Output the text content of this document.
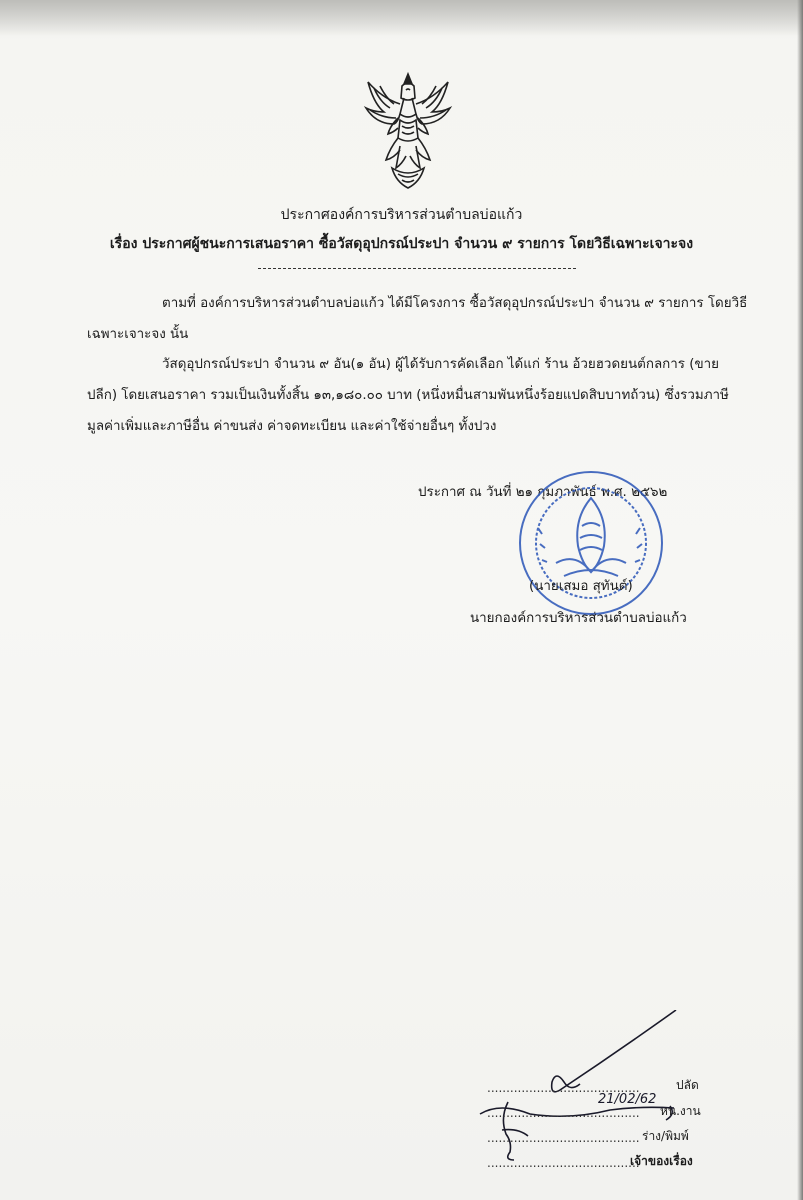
ประกาศองค์การบริหารส่วนตำบลบ่อแก้ว
เรื่อง ประกาศผู้ชนะการเสนอราคา ซื้อวัสดุอุปกรณ์ประปา จำนวน ๙ รายการ โดยวิธีเฉพาะเจาะจง
ตามที่ องค์การบริหารส่วนตำบลบ่อแก้ว ได้มีโครงการ ซื้อวัสดุอุปกรณ์ประปา จำนวน ๙ รายการ โดยวิธี
เฉพาะเจาะจง นั้น
วัสดุอุปกรณ์ประปา จำนวน ๙ อัน(๑ อัน) ผู้ได้รับการคัดเลือก ได้แก่ ร้าน อ้วยฮวดยนต์กลการ (ขาย
ปลีก) โดยเสนอราคา รวมเป็นเงินทั้งสิ้น ๑๓,๑๘๐.๐๐ บาท (หนึ่งหมื่นสามพันหนึ่งร้อยแปดสิบบาทถ้วน) ซึ่งรวมภาษี
มูลค่าเพิ่มและภาษีอื่น ค่าขนส่ง ค่าจดทะเบียน และค่าใช้จ่ายอื่นๆ ทั้งปวง
ประกาศ ณ วันที่ ๒๑ กุมภาพันธ์ พ.ศ. ๒๕๖๒
(นายเสมอ สุทันต์)
นายกองค์การบริหารส่วนตำบลบ่อแก้ว
........................................	ปลัด
21/02/62
........................................ หน.งาน
........................................ ร่าง/พิมพ์
........................................
เจ้าของเรื่อง
